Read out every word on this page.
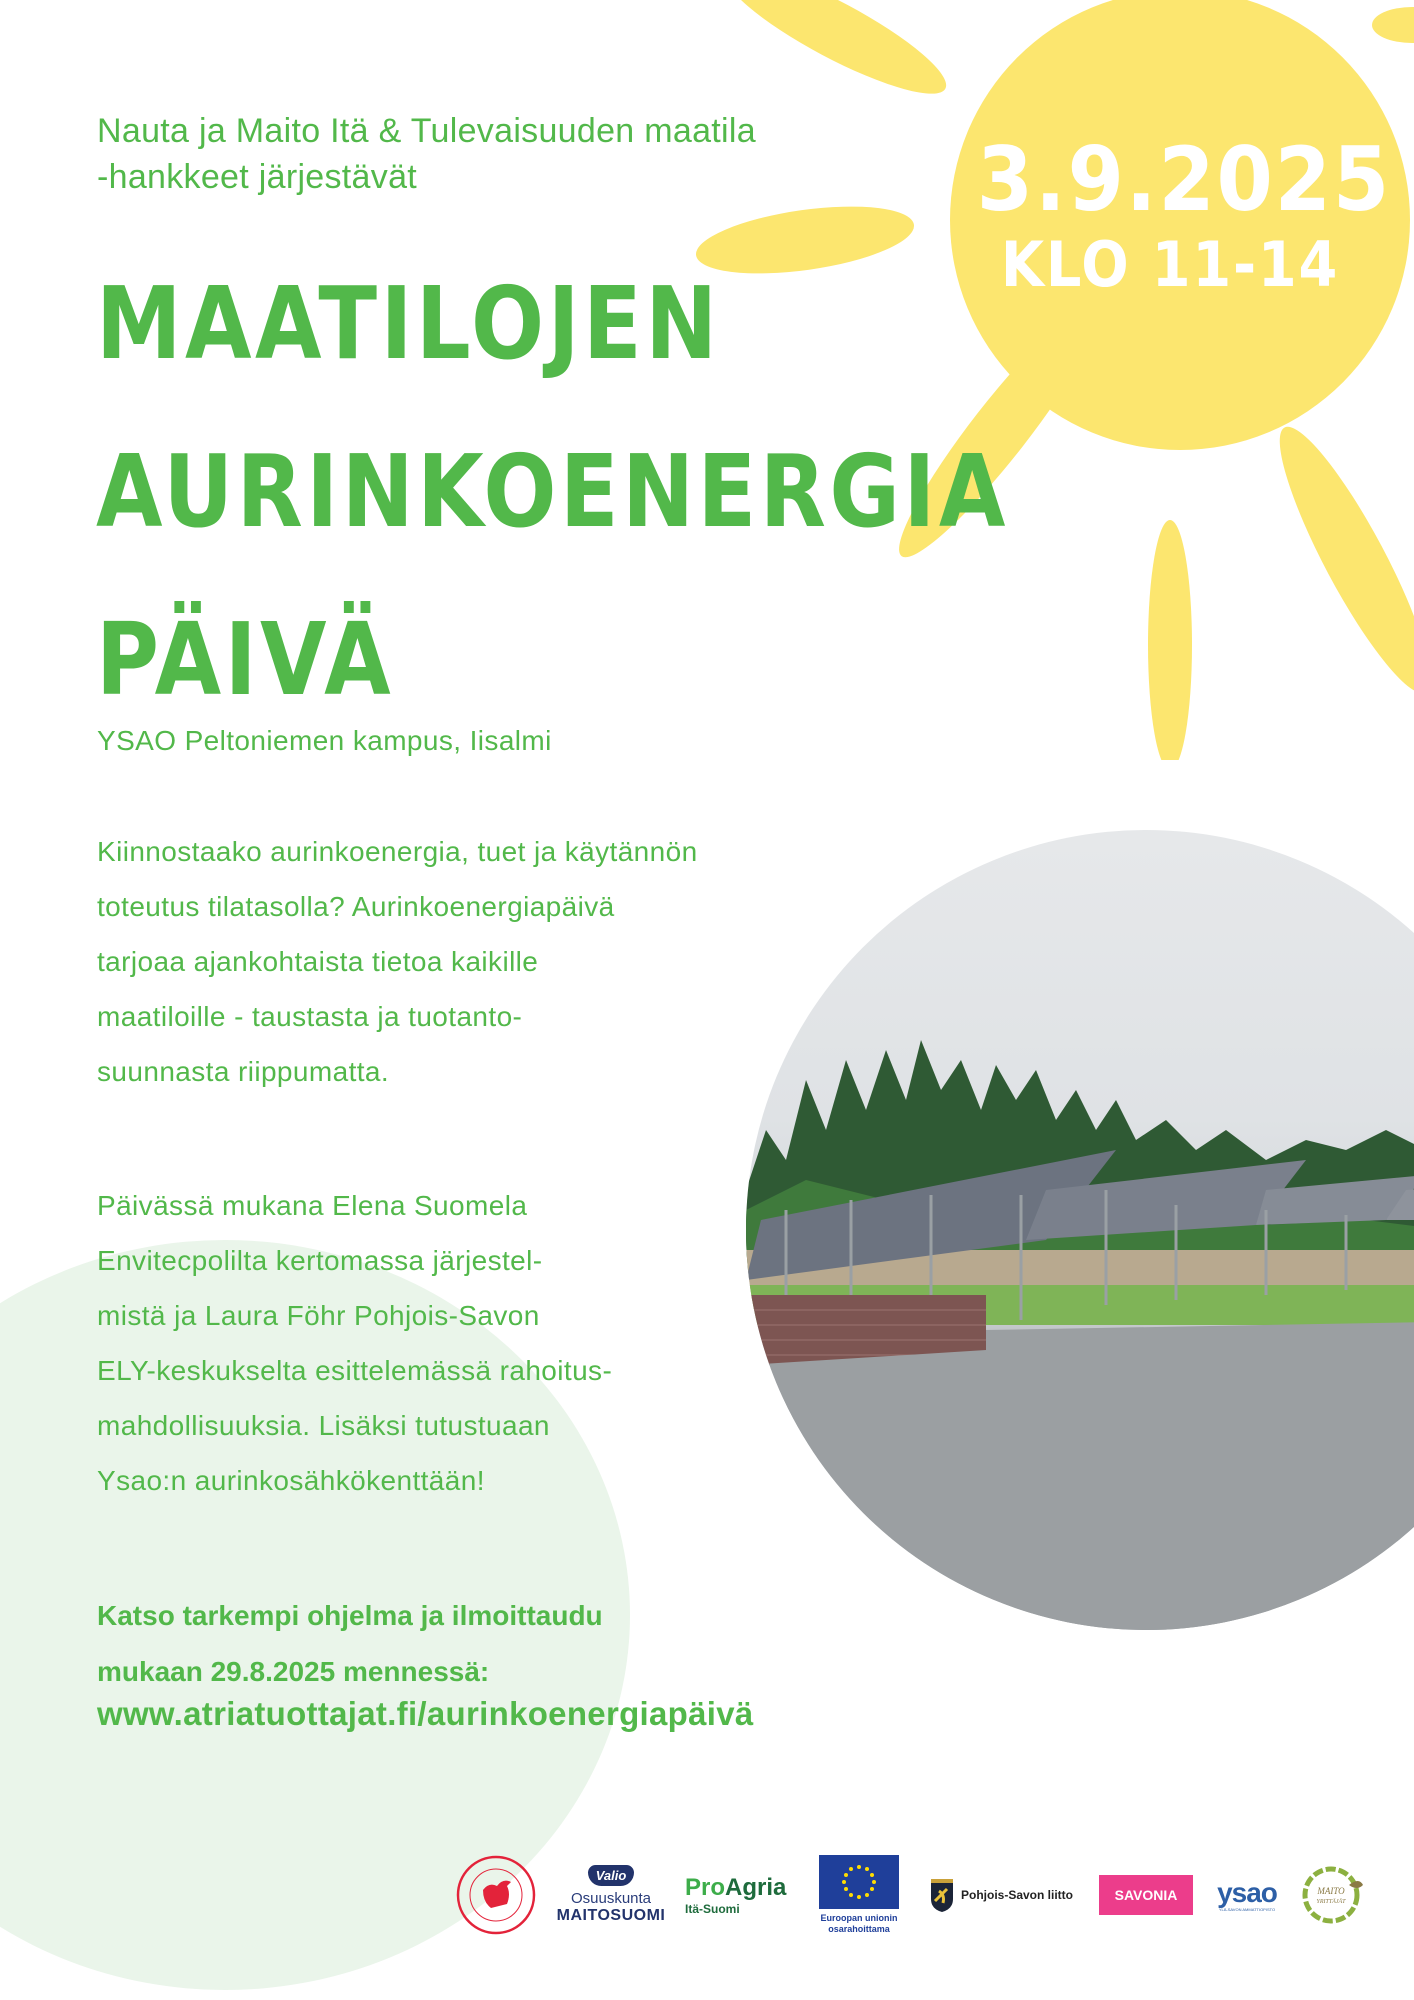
Nauta ja Maito Itä & Tulevaisuuden maatila
-hankkeet järjestävät
MAATILOJEN
AURINKOENERGIA
PÄIVÄ
3.9.2025
KLO 11-14
YSAO Peltoniemen kampus, Iisalmi
Kiinnostaako aurinkoenergia, tuet ja käytännön
toteutus tilatasolla? Aurinkoenergiapäivä
tarjoaa ajankohtaista tietoa kaikille
maatiloille - taustasta ja tuotanto-
suunnasta riippumatta.
Päivässä mukana Elena Suomela
Envitecpolilta kertomassa järjestel-
mistä ja Laura Föhr Pohjois-Savon
ELY-keskukselta esittelemässä rahoitus-
mahdollisuuksia. Lisäksi tutustuaan
Ysao:n aurinkosähkökenttään!
Katso tarkempi ohjelma ja ilmoittaudu
mukaan 29.8.2025 mennessä:
www.atriatuottajat.fi/aurinkoenergiapäivä
Valio
Osuuskunta
MAITOSUOMI
ProAgria
Itä-Suomi
Euroopan unionin
osarahoittama
Pohjois-Savon liitto	SAVONIA	ysao
YLÄ-SAVON AMMATTIOPISTO
MAITO
YRITTÄJÄT
